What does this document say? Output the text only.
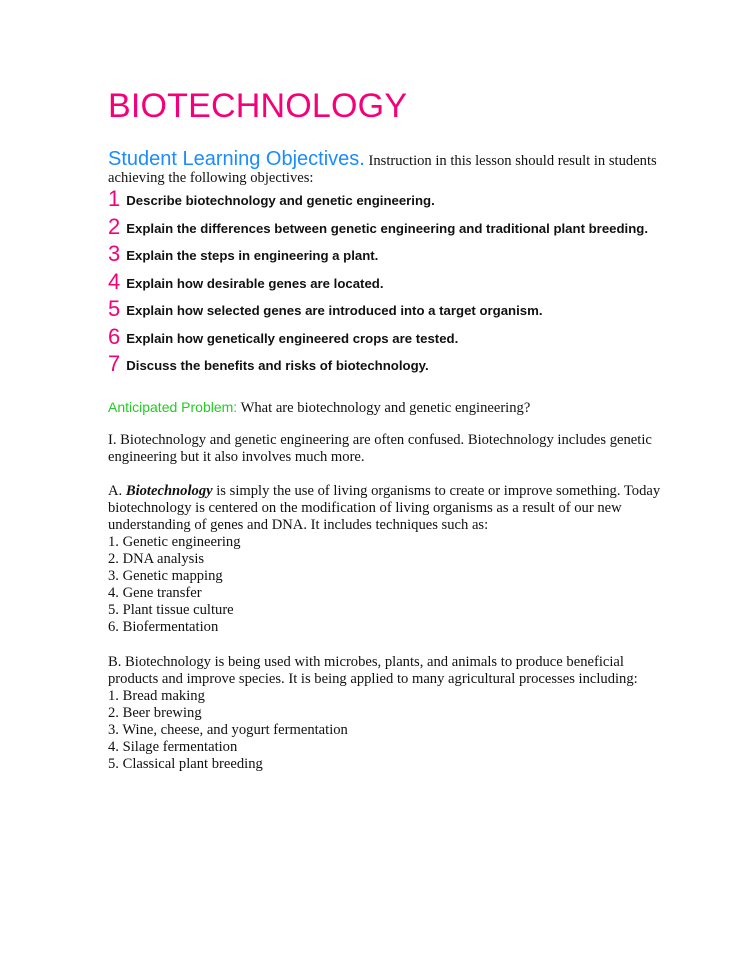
BIOTECHNOLOGY
Student Learning Objectives. Instruction in this lesson should result in students achieving the following objectives:
1 Describe biotechnology and genetic engineering.
2 Explain the differences between genetic engineering and traditional plant breeding.
3 Explain the steps in engineering a plant.
4 Explain how desirable genes are located.
5 Explain how selected genes are introduced into a target organism.
6 Explain how genetically engineered crops are tested.
7 Discuss the benefits and risks of biotechnology.
Anticipated Problem: What are biotechnology and genetic engineering?

I. Biotechnology and genetic engineering are often confused. Biotechnology includes genetic engineering but it also involves much more.

A. Biotechnology is simply the use of living organisms to create or improve something. Today biotechnology is centered on the modification of living organisms as a result of our new understanding of genes and DNA. It includes techniques such as:

1. Genetic engineering
2. DNA analysis
3. Genetic mapping
4. Gene transfer
5. Plant tissue culture
6. Biofermentation

B. Biotechnology is being used with microbes, plants, and animals to produce beneficial products and improve species. It is being applied to many agricultural processes including:

1. Bread making
2. Beer brewing
3. Wine, cheese, and yogurt fermentation
4. Silage fermentation
5. Classical plant breeding
